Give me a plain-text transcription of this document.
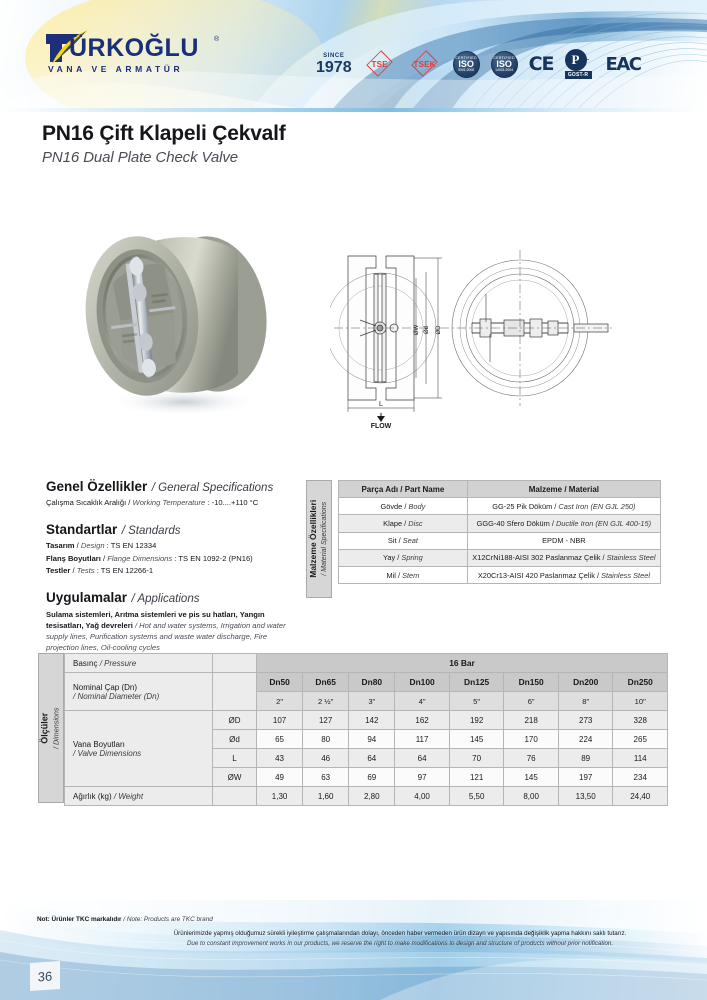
ÜRKOĞLU ®
VANA VE ARMATÜR
SINCE
1978 TSE	TSEK
CERTIFIED
ISO
9001:2008
CERTIFIED
ISO
14001:2004 CE	P ⌐
GOST-R
EAC
PN16 Çift Klapeli Çekvalf
PN16 Dual Plate Check Valve
ØD
Ød
ØW
L
FLOW
Genel Özellikler / General Specifications
Çalışma Sıcaklık Aralığı / Working Temperature : -10....+110 °C
Standartlar / Standards
Tasarım / Design : TS EN 12334
Flanş Boyutları / Flange Dimensions : TS EN 1092-2 (PN16)
Testler / Tests : TS EN 12266-1
Uygulamalar / Applications
Sulama sistemleri, Arıtma sistemleri ve pis su hatları, Yangın tesisatları, Yağ devreleri / Hot and water systems, Irrigation and water supply lines, Purification systems and waste water discharge, Fire projection lines, Oil-cooling cycles
Malzeme Özellikleri / Material Specifications
Parça Adı / Part Name	Malzeme / Material
Gövde / Body	GG-25 Pik Döküm / Cast Iron (EN GJL 250)
Klape / Disc	GGG-40 Sfero Döküm / Ductile Iron (EN GJL 400-15)
Sit / Seat	EPDM - NBR
Yay / Spring	X12CrNi188-AISI 302 Paslanmaz Çelik / Stainless Steel
Mil / Stem	X20Cr13-AISI 420 Paslanmaz Çelik / Stainless Steel
Ölçüler / Dimensions
Basınç / Pressure		16 Bar							
Nominal Çap (Dn)
/ Nominal Diameter (Dn)		Dn50	Dn65	Dn80	Dn100	Dn125	Dn150	Dn200	Dn250
		2"	2 ½"	3"	4"	5"	6"	8"	10"
Vana Boyutları
/ Valve Dimensions	ØD	107	127	142	162	192	218	273	328
	Ød	65	80	94	117	145	170	224	265
	L	43	46	64	64	70	76	89	114
	ØW	49	63	69	97	121	145	197	234
Ağırlık (kg) / Weight		1,30	1,60	2,80	4,00	5,50	8,00	13,50	24,40
Not: Ürünler TKC markalıdır / Note: Products are TKC brand
Ürünlerimizde yapmış olduğumuz sürekli iyileştirme çalışmalarından dolayı, önceden haber vermeden ürün dizayn ve yapısında değişiklik yapma hakkını saklı tutarız.
Due to constant improvement works in our products, we reserve the right to make modifications to design and structure of products without prior notification.
36
